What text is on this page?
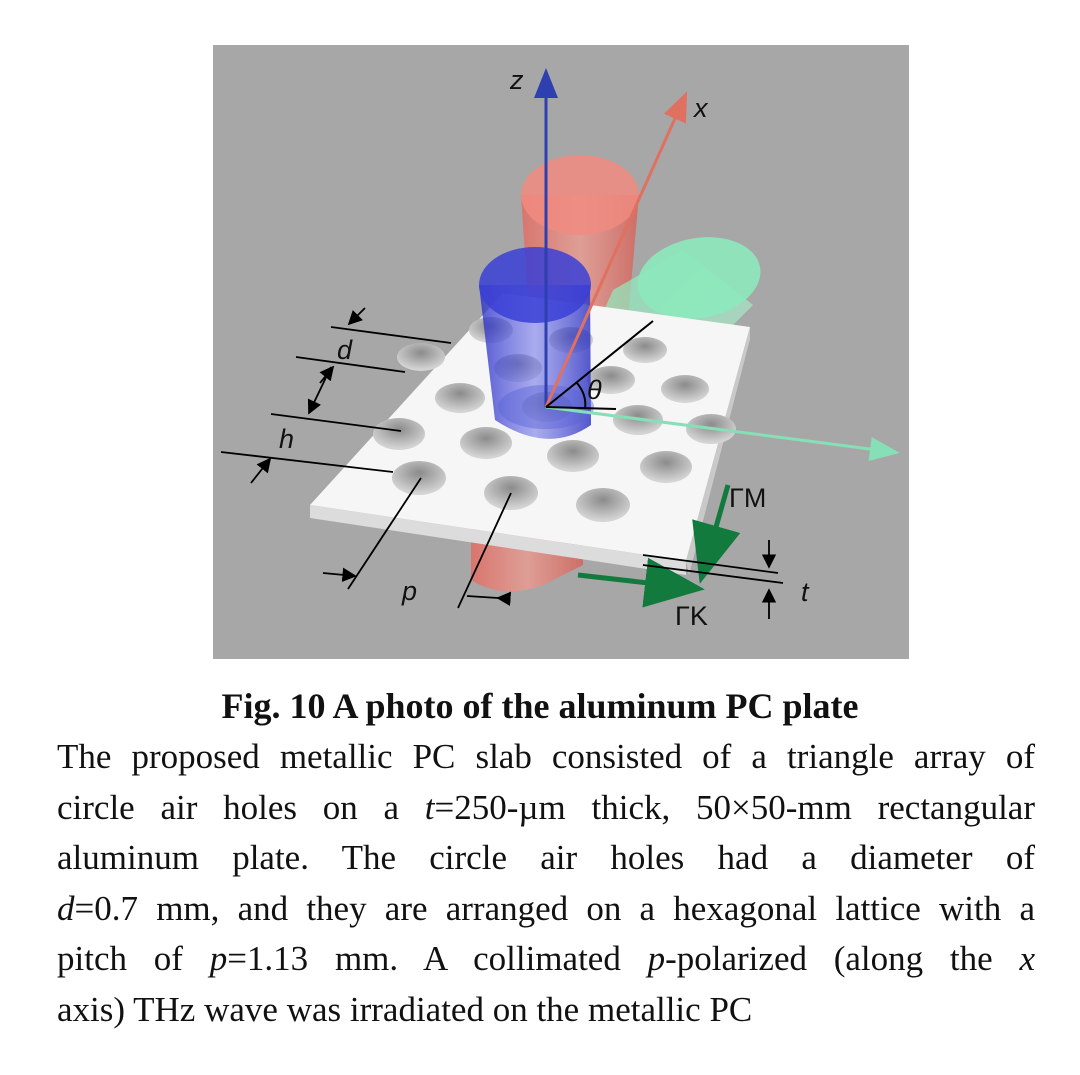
z
x
d
h
θ
p	t
ΓM
ΓK
Fig. 10 A photo of the aluminum PC plate
The proposed metallic PC slab consisted of a triangle array of
circle air holes on a t=250-µm thick, 50×50-mm rectangular
aluminum plate. The circle air holes had a diameter of
d=0.7 mm, and they are arranged on a hexagonal lattice with a
pitch of p=1.13 mm. A collimated p-polarized (along the x
axis) THz wave was irradiated on the metallic PC
